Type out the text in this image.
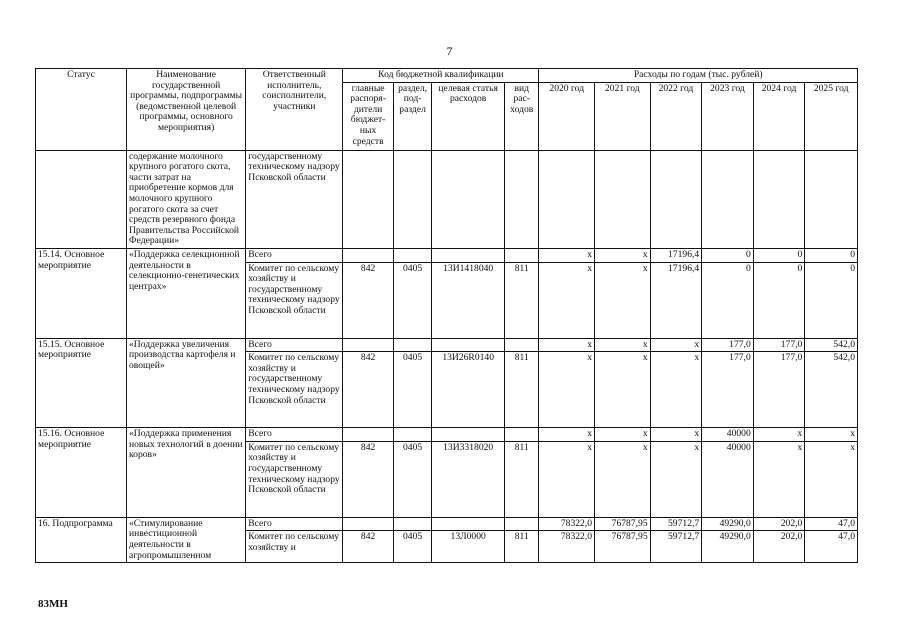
7
Статус	Наименование государственной программы, подпрограммы (ведомственной целевой программы, основного мероприятия)	Ответственный исполнитель, соисполнители, участники	Код бюджетной квалификации				Расходы по годам (тыс. рублей)					
			главные распоря-дители бюджет-ных средств	раздел, под-раздел	целевая статья расходов	вид рас-ходов	2020 год	2021 год	2022 год	2023 год	2024 год	2025 год
	содержание молочного крупного рогатого скота, части затрат на приобретение кормов для молочного крупного рогатого скота за счет средств резервного фонда Правительства Российской Федерации»	государственному техническому надзору Псковской области										
15.14. Основное мероприятие	«Поддержка селекционной деятельности в селекционно-генетических центрах»	Всего					х	х	17196,4	0	0	0
		Комитет по сельскому хозяйству и государственному техническому надзору Псковской области	842	0405	13И1418040	811	х	х	17196,4	0	0	0
15.15. Основное мероприятие	«Поддержка увеличения производства картофеля и овощей»	Всего					х	х	х	177,0	177,0	542,0
		Комитет по сельскому хозяйству и государственному техническому надзору Псковской области	842	0405	13И26R0140	811	х	х	х	177,0	177,0	542,0
15.16. Основное мероприятие	«Поддержка применения новых технологий в доении коров»	Всего					х	х	х	40000	х	х
		Комитет по сельскому хозяйству и государственному техническому надзору Псковской области	842	0405	13И3318020	811	х	х	х	40000	х	х
16. Подпрограмма	«Стимулирование инвестиционной деятельности в агропромышленном	Всего					78322,0	76787,95	59712,7	49290,0	202,0	47,0
		Комитет по сельскому хозяйству и	842	0405	13Л0000	811	78322,0	76787,95	59712,7	49290,0	202,0	47,0
83МН
